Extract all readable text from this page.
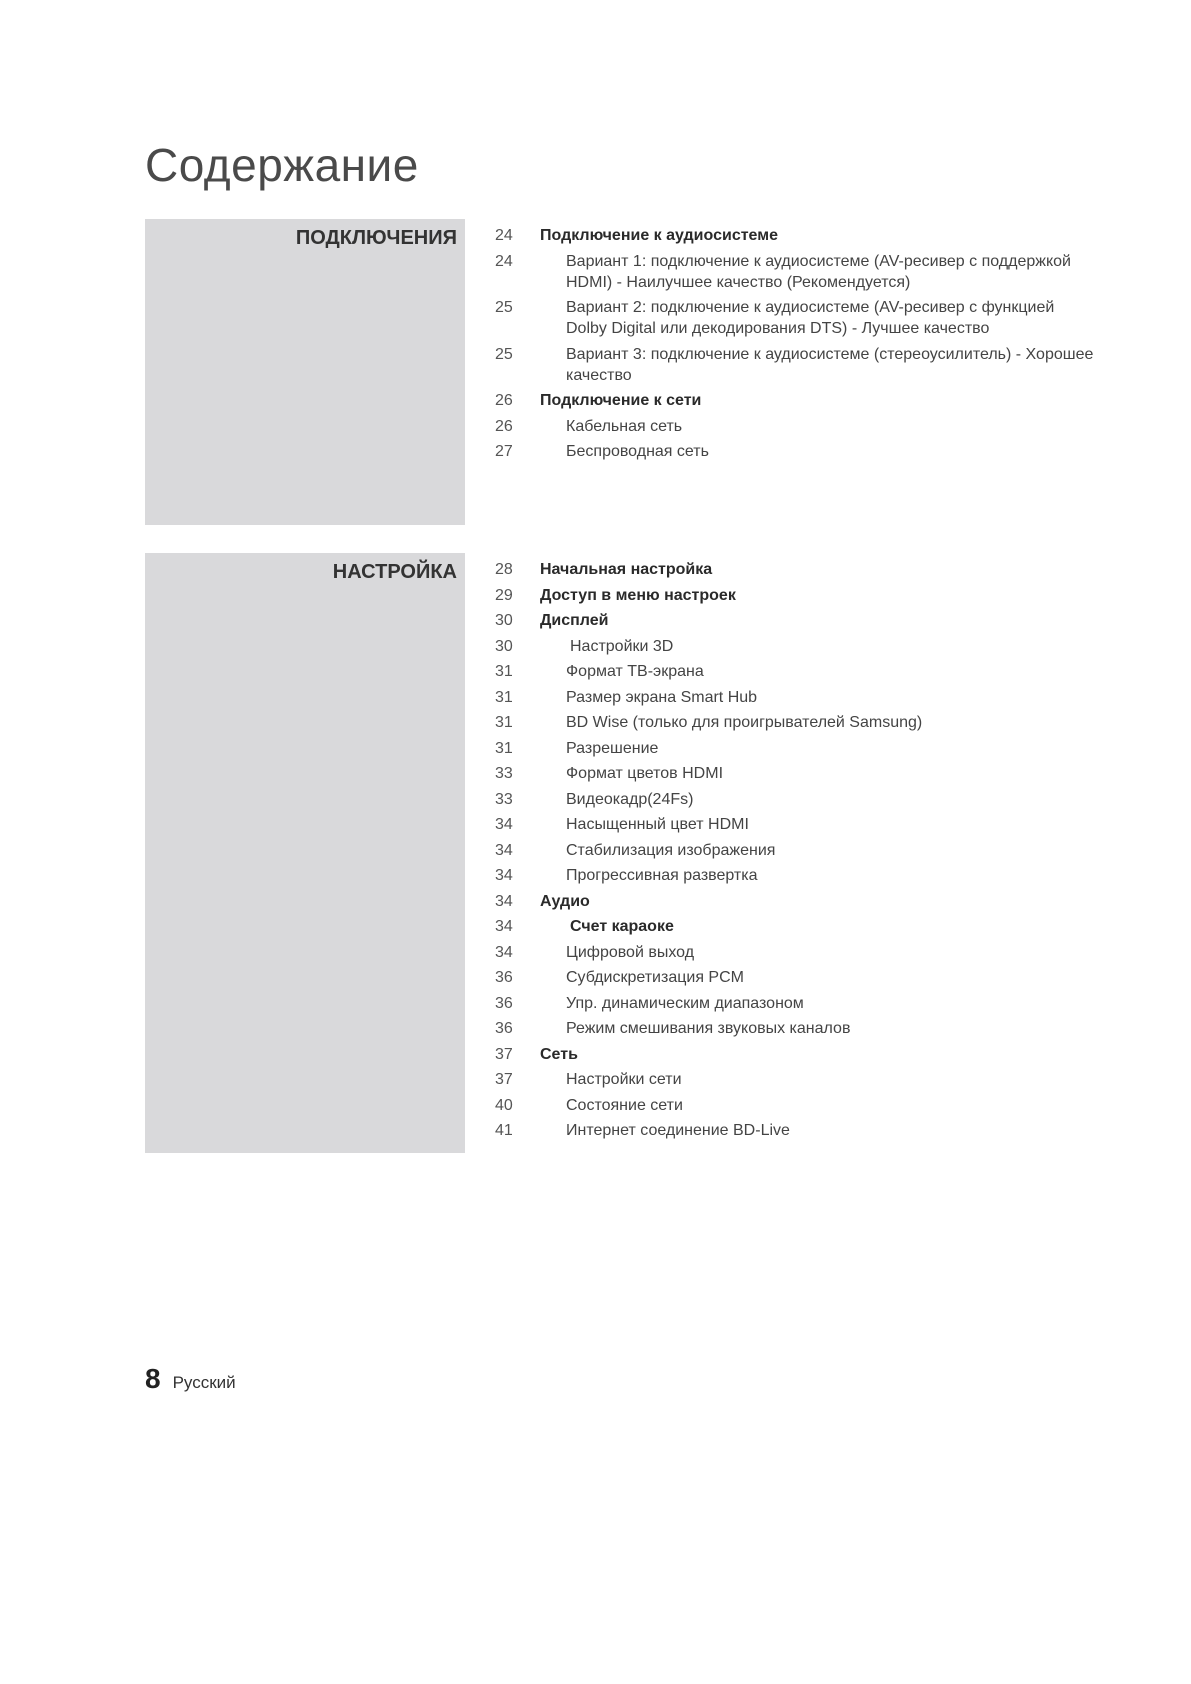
Содержание
ПОДКЛЮЧЕНИЯ 24	Подключение к аудиосистеме
24	Вариант 1: подключение к аудиосистеме (AV-ресивер с поддержкой HDMI) - Наилучшее качество (Рекомендуется)
25	Вариант 2: подключение к аудиосистеме (AV-ресивер с функцией Dolby Digital или декодирования DTS) - Лучшее качество
25	Вариант 3: подключение к аудиосистеме (стереоусилитель) - Хорошее качество
26	Подключение к сети
26	Кабельная сеть
27	Беспроводная сеть
НАСТРОЙКА 28	Начальная настройка
29	Доступ в меню настроек
30	Дисплей
30	Настройки 3D
31	Формат ТВ-экрана
31	Размер экрана Smart Hub
31	BD Wise (только для проигрывателей Samsung)
31	Разрешение
33	Формат цветов HDMI
33	Видеокадр(24Fs)
34	Насыщенный цвет HDMI
34	Стабилизация изображения
34	Прогрессивная развертка
34	Аудио
34	Счет караоке
34	Цифровой выход
36	Субдискретизация PCM
36	Упр. динамическим диапазоном
36	Режим смешивания звуковых каналов
37	Сеть
37	Настройки сети
40	Состояние сети
41	Интернет соединение BD-Live
8 Русский
